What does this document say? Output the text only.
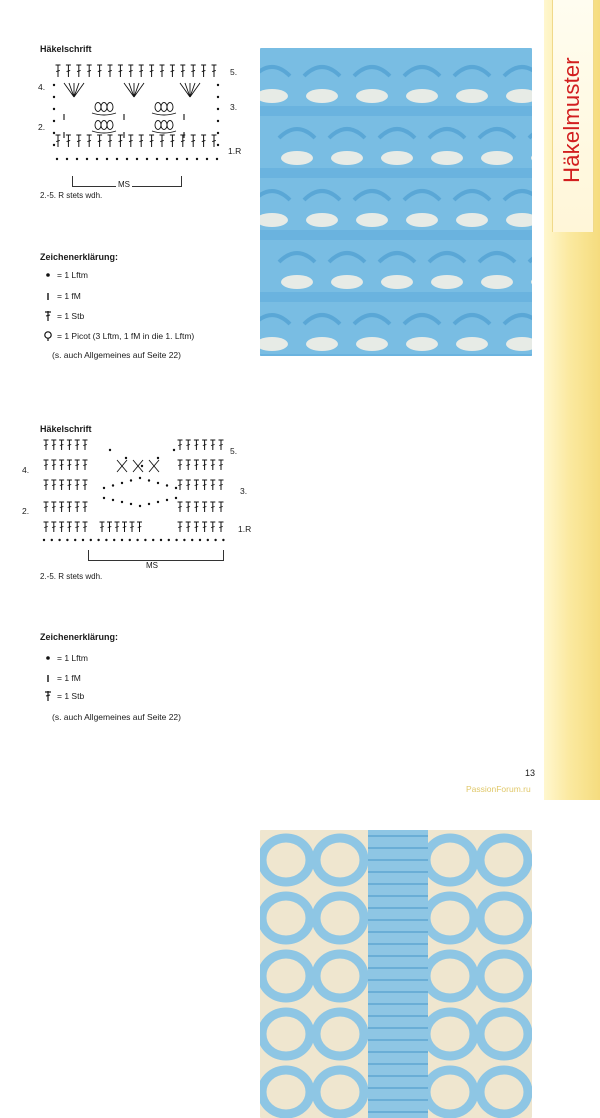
Häkelmuster
Häkelschrift
4.
2.
5.
3.
1.R
MS
2.-5. R stets wdh.
Zeichenerklärung:
= 1 Lftm
= 1 fM
= 1 Stb
= 1 Picot (3 Lftm, 1 fM in die 1. Lftm)
(s. auch Allgemeines auf Seite 22)
Häkelschrift
5.
4.
3.
2.
1.R
MS
2.-5. R stets wdh.
Zeichenerklärung:
= 1 Lftm
= 1 fM
= 1 Stb
(s. auch Allgemeines auf Seite 22)
13
PassionForum.ru
